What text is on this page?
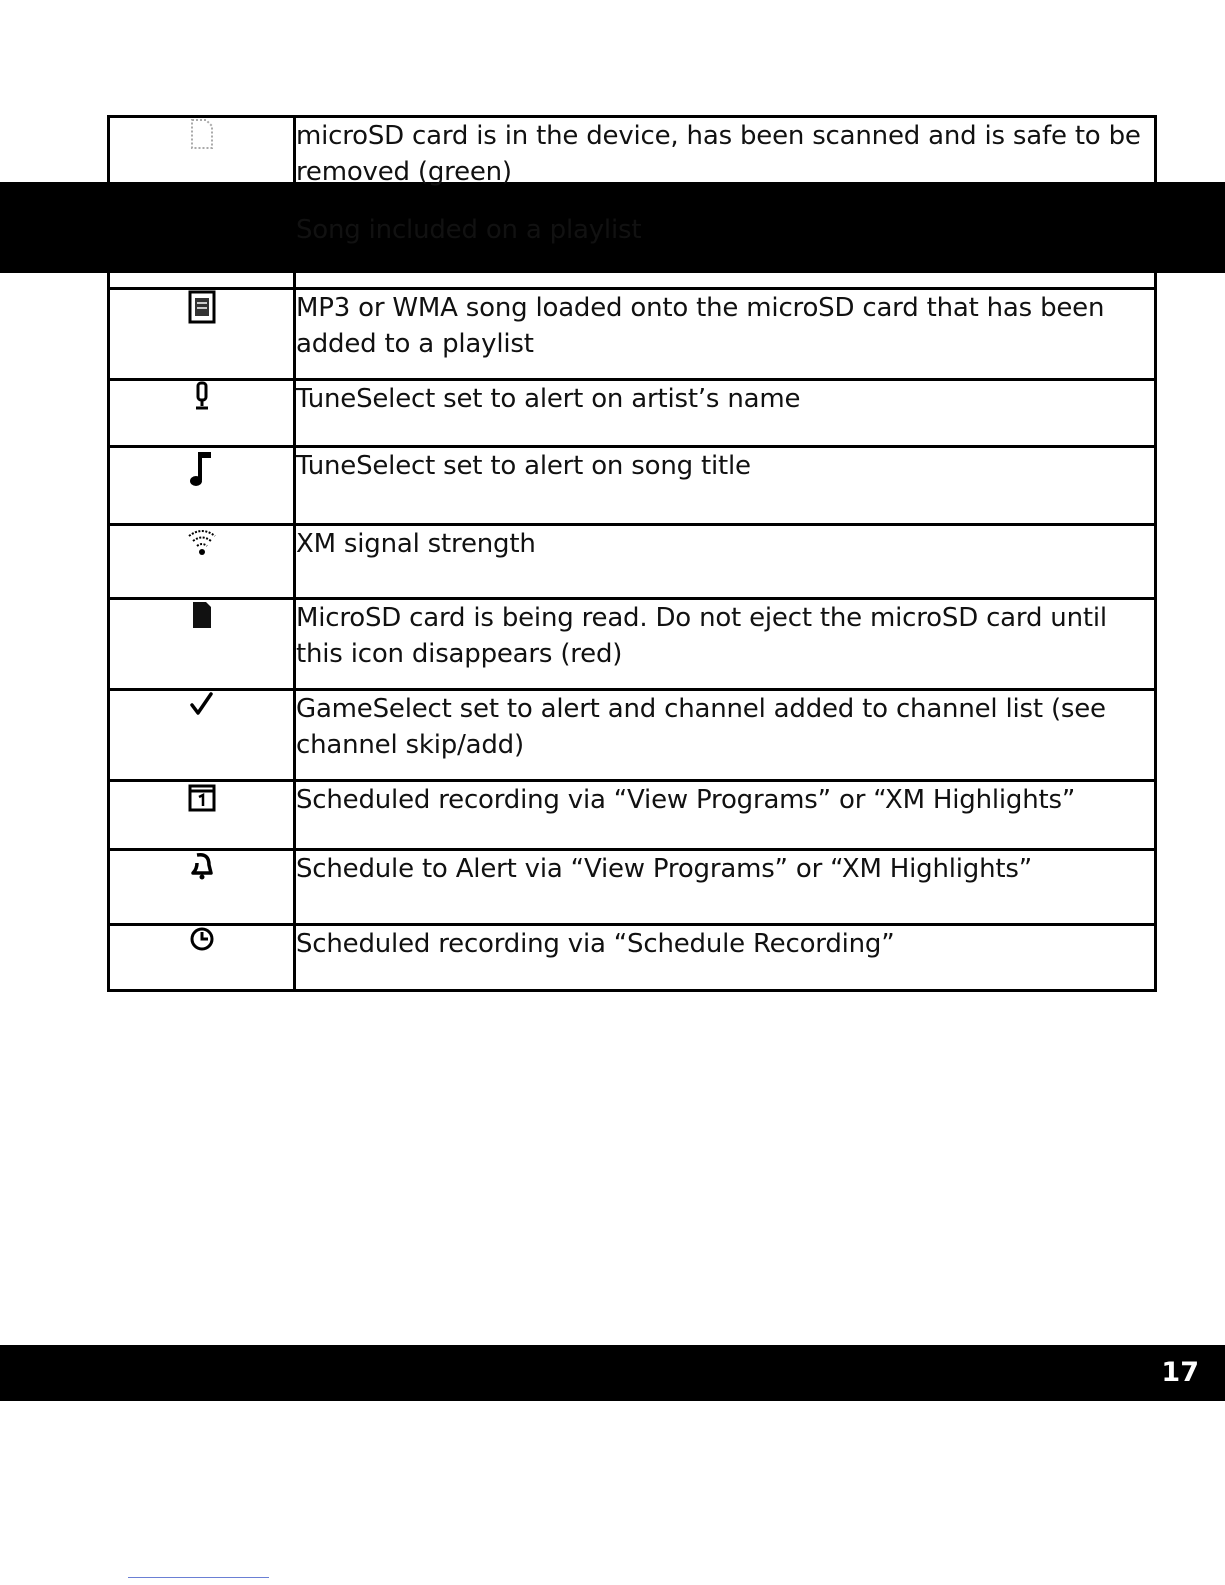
	microSD card is in the device, has been scanned and is safe to be removed (green)

	Song included on a playlist

	MP3 or WMA song loaded onto the microSD card that has been added to a playlist

	TuneSelect set to alert on artist’s name

	TuneSelect set to alert on song title

	XM signal strength

	MicroSD card is being read. Do not eject the microSD card until this icon disappears (red)

	GameSelect set to alert and channel added to channel list (see channel skip/add)

	Scheduled recording via “View Programs” or “XM Highlights”

	Schedule to Alert via “View Programs” or “XM Highlights”

	Scheduled recording via “Schedule Recording”
17
